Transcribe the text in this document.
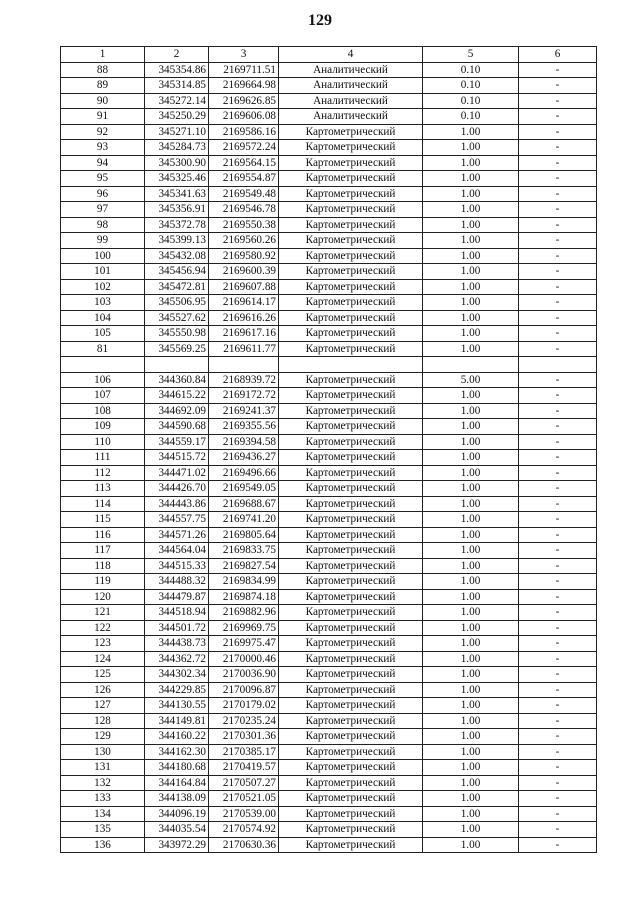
129
1	2	3	4	5	6
88	345354.86	2169711.51	Аналитический	0.10	-
89	345314.85	2169664.98	Аналитический	0.10	-
90	345272.14	2169626.85	Аналитический	0.10	-
91	345250.29	2169606.08	Аналитический	0.10	-
92	345271.10	2169586.16	Картометрический	1.00	-
93	345284.73	2169572.24	Картометрический	1.00	-
94	345300.90	2169564.15	Картометрический	1.00	-
95	345325.46	2169554.87	Картометрический	1.00	-
96	345341.63	2169549.48	Картометрический	1.00	-
97	345356.91	2169546.78	Картометрический	1.00	-
98	345372.78	2169550.38	Картометрический	1.00	-
99	345399.13	2169560.26	Картометрический	1.00	-
100	345432.08	2169580.92	Картометрический	1.00	-
101	345456.94	2169600.39	Картометрический	1.00	-
102	345472.81	2169607.88	Картометрический	1.00	-
103	345506.95	2169614.17	Картометрический	1.00	-
104	345527.62	2169616.26	Картометрический	1.00	-
105	345550.98	2169617.16	Картометрический	1.00	-
81	345569.25	2169611.77	Картометрический	1.00	-

106	344360.84	2168939.72	Картометрический	5.00	-
107	344615.22	2169172.72	Картометрический	1.00	-
108	344692.09	2169241.37	Картометрический	1.00	-
109	344590.68	2169355.56	Картометрический	1.00	-
110	344559.17	2169394.58	Картометрический	1.00	-
111	344515.72	2169436.27	Картометрический	1.00	-
112	344471.02	2169496.66	Картометрический	1.00	-
113	344426.70	2169549.05	Картометрический	1.00	-
114	344443.86	2169688.67	Картометрический	1.00	-
115	344557.75	2169741.20	Картометрический	1.00	-
116	344571.26	2169805.64	Картометрический	1.00	-
117	344564.04	2169833.75	Картометрический	1.00	-
118	344515.33	2169827.54	Картометрический	1.00	-
119	344488.32	2169834.99	Картометрический	1.00	-
120	344479.87	2169874.18	Картометрический	1.00	-
121	344518.94	2169882.96	Картометрический	1.00	-
122	344501.72	2169969.75	Картометрический	1.00	-
123	344438.73	2169975.47	Картометрический	1.00	-
124	344362.72	2170000.46	Картометрический	1.00	-
125	344302.34	2170036.90	Картометрический	1.00	-
126	344229.85	2170096.87	Картометрический	1.00	-
127	344130.55	2170179.02	Картометрический	1.00	-
128	344149.81	2170235.24	Картометрический	1.00	-
129	344160.22	2170301.36	Картометрический	1.00	-
130	344162.30	2170385.17	Картометрический	1.00	-
131	344180.68	2170419.57	Картометрический	1.00	-
132	344164.84	2170507.27	Картометрический	1.00	-
133	344138.09	2170521.05	Картометрический	1.00	-
134	344096.19	2170539.00	Картометрический	1.00	-
135	344035.54	2170574.92	Картометрический	1.00	-
136	343972.29	2170630.36	Картометрический	1.00	-
